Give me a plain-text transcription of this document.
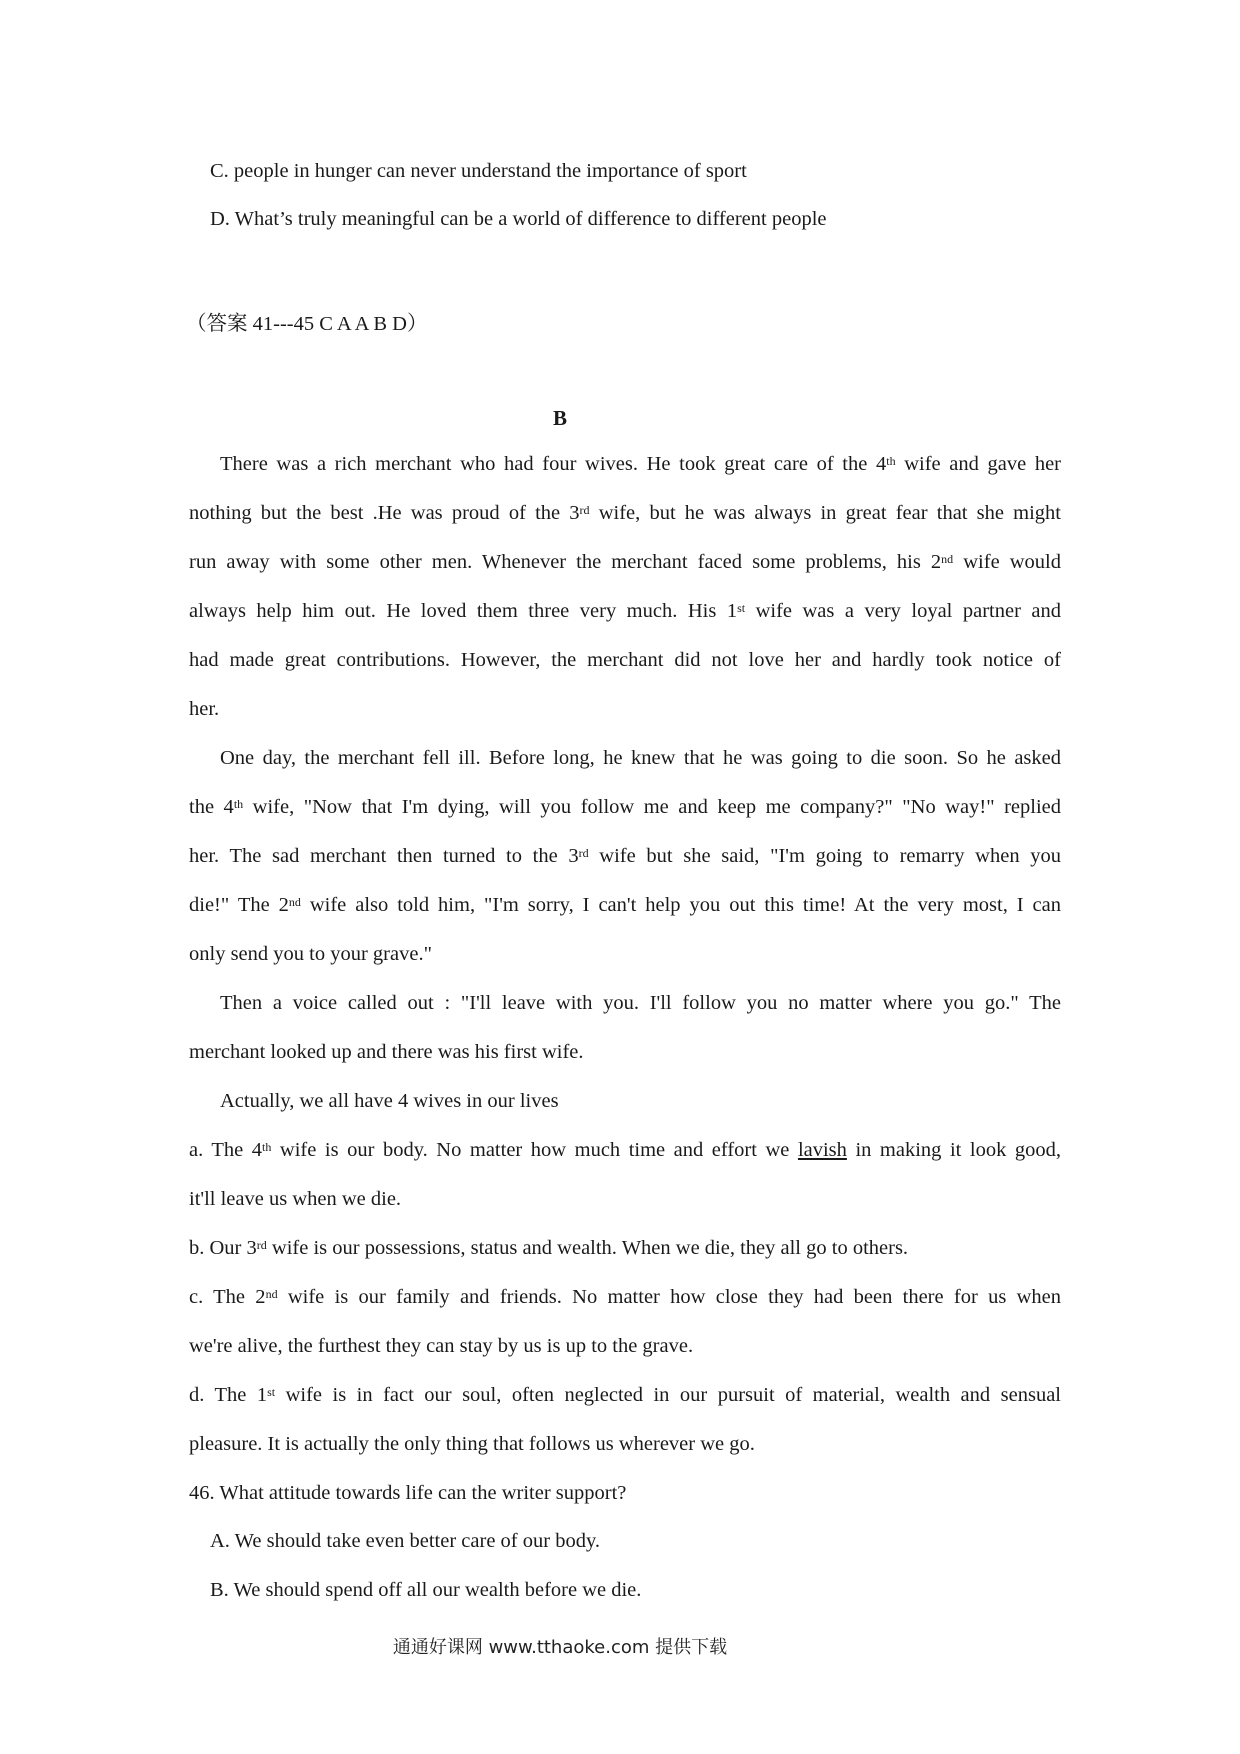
C. people in hunger can never understand the importance of sport

D. What’s truly meaningful can be a world of difference to different people

（答案 41---45 C A A B D）

B

There was a rich merchant who had four wives. He took great care of the 4th wife and gave her

nothing but the best .He was proud of the 3rd wife, but he was always in great fear that she might

run away with some other men. Whenever the merchant faced some problems, his 2nd wife would

always help him out. He loved them three very much. His 1st wife was a very loyal partner and

had made great contributions. However, the merchant did not love her and hardly took notice of

her.

One day, the merchant fell ill. Before long, he knew that he was going to die soon. So he asked

the 4th wife, "Now that I'm dying, will you follow me and keep me company?" "No way!" replied

her. The sad merchant then turned to the 3rd wife but she said, "I'm going to remarry when you

die!" The 2nd wife also told him, "I'm sorry, I can't help you out this time! At the very most, I can

only send you to your grave."

Then a voice called out : "I'll leave with you. I'll follow you no matter where you go." The

merchant looked up and there was his first wife.

Actually, we all have 4 wives in our lives

a. The 4th wife is our body. No matter how much time and effort we lavish in making it look good,

it'll leave us when we die.

b. Our 3rd wife is our possessions, status and wealth. When we die, they all go to others.

c. The 2nd wife is our family and friends. No matter how close they had been there for us when

we're alive, the furthest they can stay by us is up to the grave.

d. The 1st wife is in fact our soul, often neglected in our pursuit of material, wealth and sensual

pleasure. It is actually the only thing that follows us wherever we go.

46. What attitude towards life can the writer support?

A. We should take even better care of our body.

B. We should spend off all our wealth before we die.

通通好课网 www.tthaoke.com 提供下载
